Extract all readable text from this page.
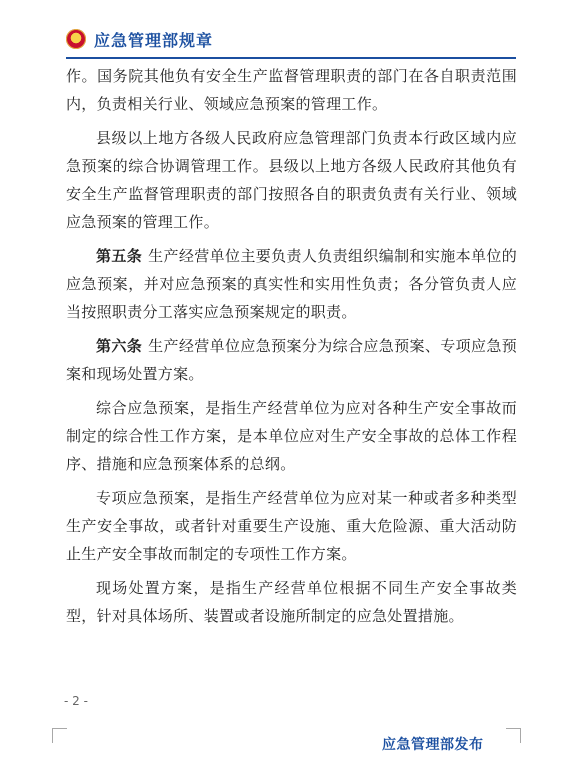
应急管理部规章

作。国务院其他负有安全生产监督管理职责的部门在各自职责范围内，负责相关行业、领域应急预案的管理工作。

县级以上地方各级人民政府应急管理部门负责本行政区域内应急预案的综合协调管理工作。县级以上地方各级人民政府其他负有安全生产监督管理职责的部门按照各自的职责负责有关行业、领域应急预案的管理工作。

第五条 生产经营单位主要负责人负责组织编制和实施本单位的应急预案，并对应急预案的真实性和实用性负责；各分管负责人应当按照职责分工落实应急预案规定的职责。

第六条 生产经营单位应急预案分为综合应急预案、专项应急预案和现场处置方案。

综合应急预案，是指生产经营单位为应对各种生产安全事故而制定的综合性工作方案，是本单位应对生产安全事故的总体工作程序、措施和应急预案体系的总纲。

专项应急预案，是指生产经营单位为应对某一种或者多种类型生产安全事故，或者针对重要生产设施、重大危险源、重大活动防止生产安全事故而制定的专项性工作方案。

现场处置方案，是指生产经营单位根据不同生产安全事故类型，针对具体场所、装置或者设施所制定的应急处置措施。

- 2 -
应急管理部发布
